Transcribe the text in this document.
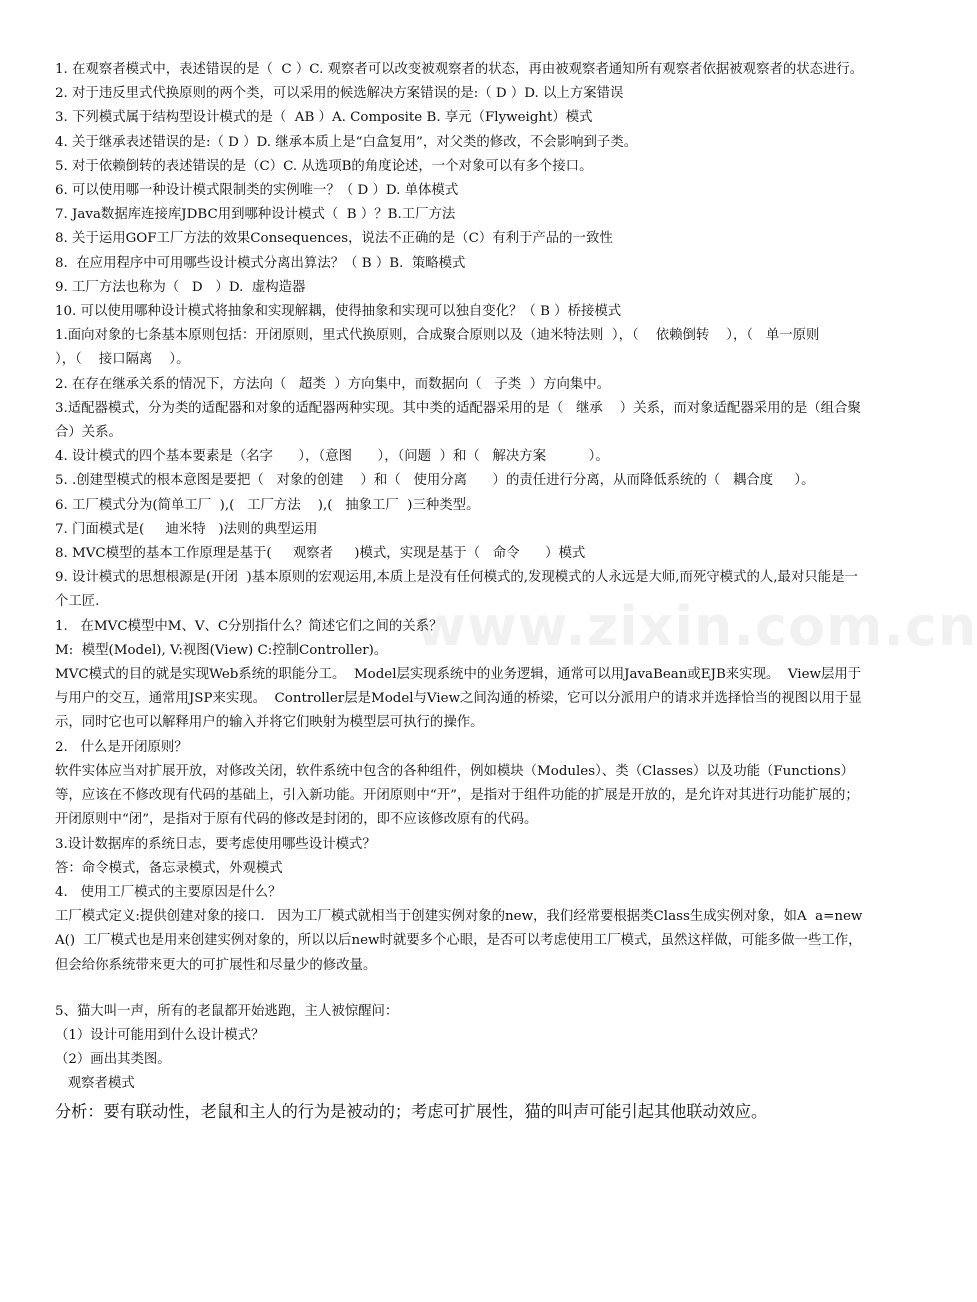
www.zixin.com.cn

1. 在观察者模式中，表述错误的是（  C ）C. 观察者可以改变被观察者的状态，再由被观察者通知所有观察者依据被观察者的状态进行。

2. 对于违反里式代换原则的两个类，可以采用的候选解决方案错误的是:（ D ）D. 以上方案错误

3. 下列模式属于结构型设计模式的是（  AB ）A. Composite B. 享元（Flyweight）模式

4. 关于继承表述错误的是:（ D ）D. 继承本质上是“白盒复用”，对父类的修改，不会影响到子类。

5. 对于依赖倒转的表述错误的是（C）C. 从选项B的角度论述，一个对象可以有多个接口。

6. 可以使用哪一种设计模式限制类的实例唯一？（ D ）D. 单体模式

7. Java数据库连接库JDBC用到哪种设计模式（  B ）？B.工厂方法

8. 关于运用GOF工厂方法的效果Consequences，说法不正确的是（C）有利于产品的一致性

8.  在应用程序中可用哪些设计模式分离出算法？（ B ）B.  策略模式

9. 工厂方法也称为（   D   ）D.  虚构造器

10. 可以使用哪种设计模式将抽象和实现解耦，使得抽象和实现可以独自变化？（ B ）桥接模式

1.面向对象的七条基本原则包括：开闭原则，里式代换原则，合成聚合原则以及（迪米特法则  ），（    依赖倒转    ），（   单一原则        ），（    接口隔离    ）。

2. 在存在继承关系的情况下，方法向（   超类  ）方向集中，而数据向（   子类  ）方向集中。

3.适配器模式，分为类的适配器和对象的适配器两种实现。其中类的适配器采用的是（   继承    ）关系，而对象适配器采用的是（组合聚合）关系。

4. 设计模式的四个基本要素是（名字      ），（意图      ），（问题  ）和（   解决方案          ）。

5. .创建型模式的根本意图是要把（   对象的创建    ）和（   使用分离      ）的责任进行分离，从而降低系统的（   耦合度     ）。

6. 工厂模式分为(简单工厂  ),(   工厂方法    ),(   抽象工厂  )三种类型。

7. 门面模式是(     迪米特   )法则的典型运用

8. MVC模型的基本工作原理是基于(     观察者     )模式，实现是基于（   命令      ）模式

9. 设计模式的思想根源是(开闭  )基本原则的宏观运用,本质上是没有任何模式的,发现模式的人永远是大师,而死守模式的人,最对只能是一个工匠.

1.   在MVC模型中M、V、C分别指什么？简述它们之间的关系？

M:  模型(Model), V:视图(View) C:控制Controller)。

MVC模式的目的就是实现Web系统的职能分工。  Model层实现系统中的业务逻辑，通常可以用JavaBean或EJB来实现。  View层用于与用户的交互，通常用JSP来实现。  Controller层是Model与View之间沟通的桥梁，它可以分派用户的请求并选择恰当的视图以用于显示，同时它也可以解释用户的输入并将它们映射为模型层可执行的操作。

2.   什么是开闭原则？

软件实体应当对扩展开放，对修改关闭，软件系统中包含的各种组件，例如模块（Modules）、类（Classes）以及功能（Functions）等，应该在不修改现有代码的基础上，引入新功能。开闭原则中“开”，是指对于组件功能的扩展是开放的，是允许对其进行功能扩展的；开闭原则中“闭”，是指对于原有代码的修改是封闭的，即不应该修改原有的代码。

3.设计数据库的系统日志，要考虑使用哪些设计模式？

答：命令模式，备忘录模式，外观模式

4.   使用工厂模式的主要原因是什么？

工厂模式定义:提供创建对象的接口.   因为工厂模式就相当于创建实例对象的new，我们经常要根据类Class生成实例对象，如A  a=new  A()  工厂模式也是用来创建实例对象的，所以以后new时就要多个心眼，是否可以考虑使用工厂模式，虽然这样做，可能多做一些工作，但会给你系统带来更大的可扩展性和尽量少的修改量。

5、猫大叫一声，所有的老鼠都开始逃跑，主人被惊醒问：

（1）设计可能用到什么设计模式？

（2）画出其类图。

观察者模式

分析：要有联动性，老鼠和主人的行为是被动的；考虑可扩展性，猫的叫声可能引起其他联动效应。
